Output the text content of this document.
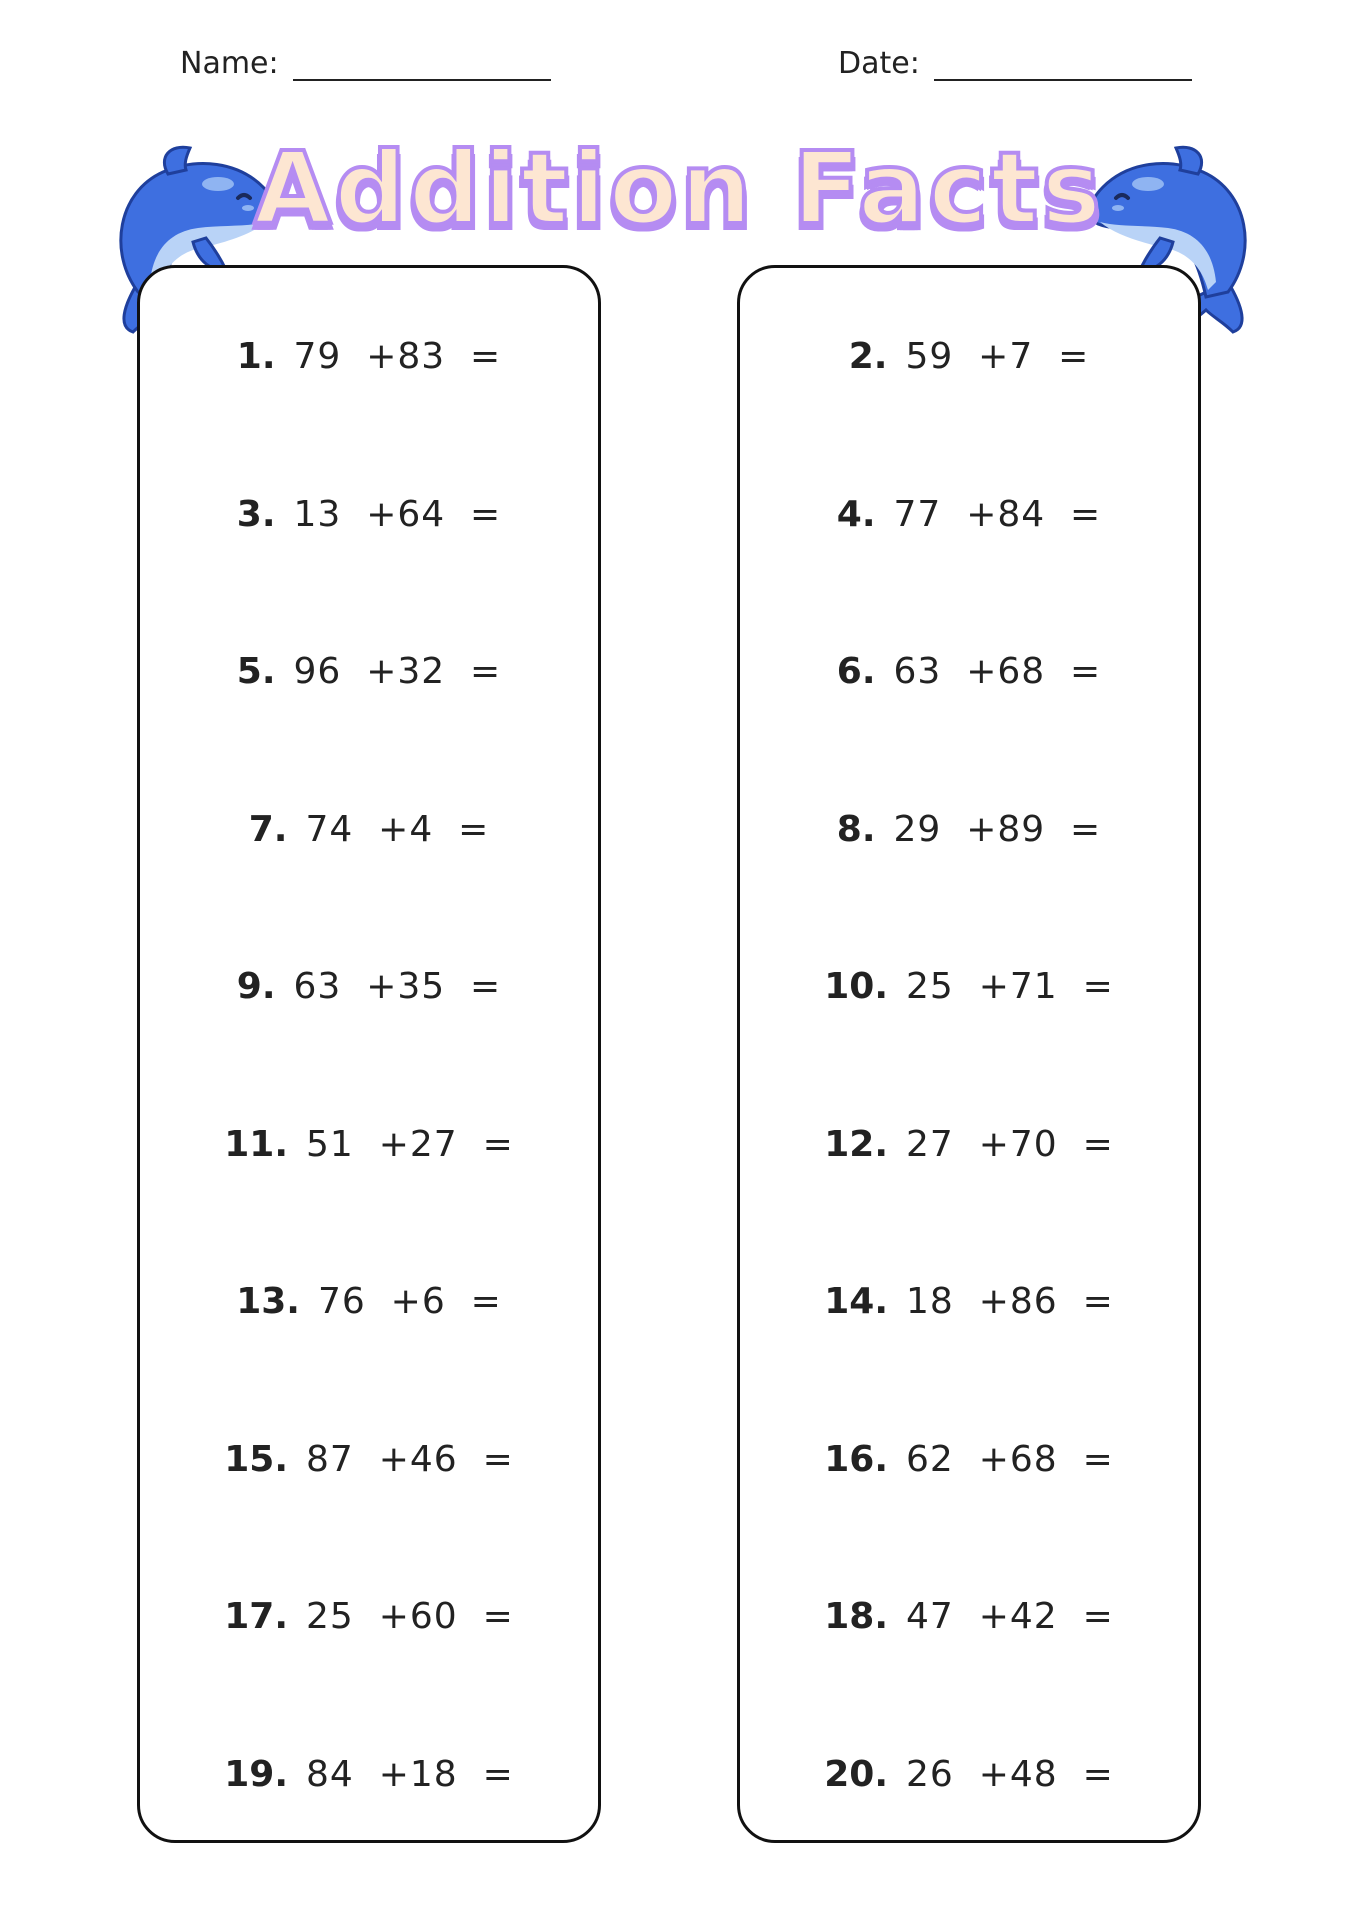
Name:	Date:
Addition Facts
1. 79  +83  =
3. 13  +64  =
5. 96  +32  =
7. 74  +4  =
9. 63  +35  =
11. 51  +27  =
13. 76  +6  =
15. 87  +46  =
17. 25  +60  =
19. 84  +18  =
2. 59  +7  =
4. 77  +84  =
6. 63  +68  =
8. 29  +89  =
10. 25  +71  =
12. 27  +70  =
14. 18  +86  =
16. 62  +68  =
18. 47  +42  =
20. 26  +48  =
